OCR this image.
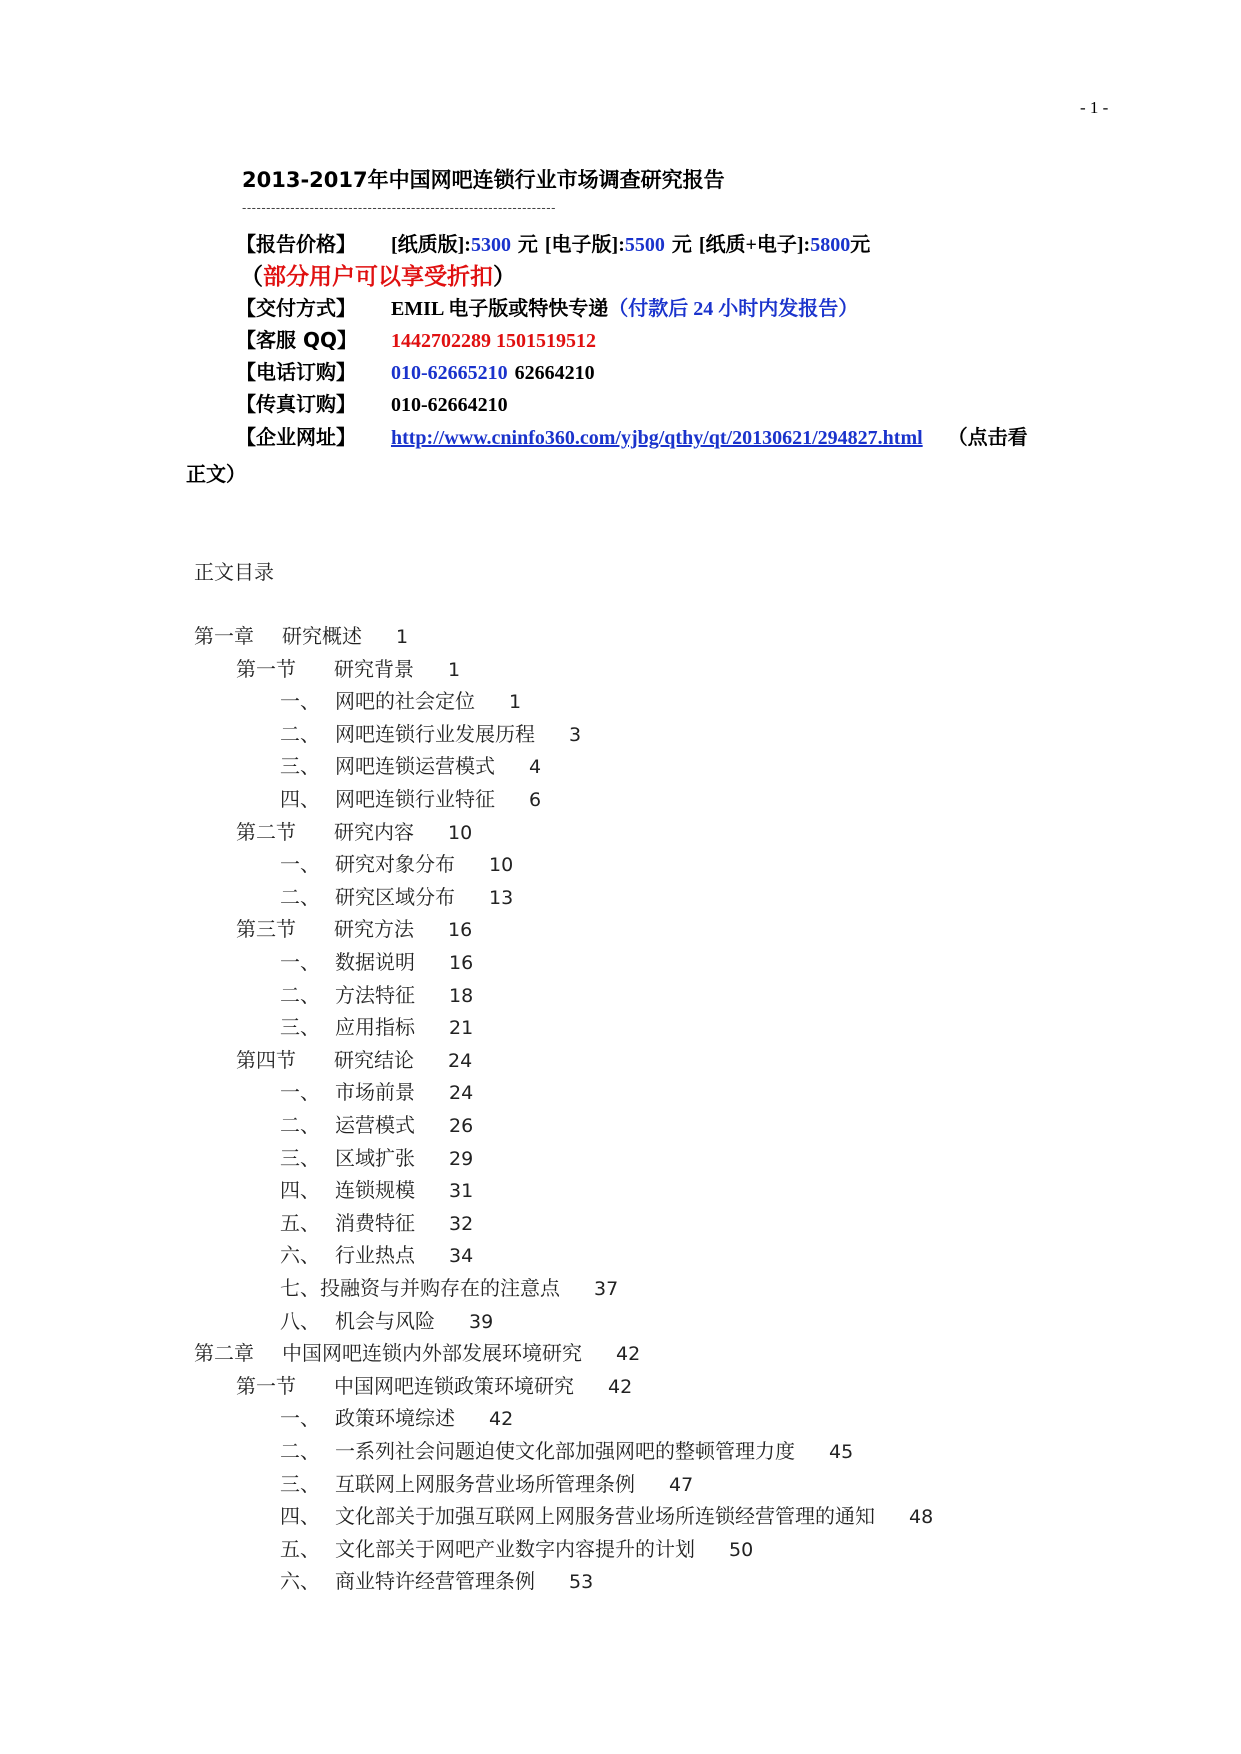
- 1 -
2013-2017年中国网吧连锁行业市场调查研究报告
-----------------------------------------------------------------
【报告价格】 [纸质版]:5300 元 [电子版]:5500 元 [纸质+电子]:5800元
（部分用户可以享受折扣）
【交付方式】 EMIL 电子版或特快专递（付款后 24 小时内发报告）
【客服 QQ】 1442702289 1501519512
【电话订购】 010-62665210 62664210
【传真订购】 010-62664210
【企业网址】 http://www.cninfo360.com/yjbg/qthy/qt/20130621/294827.html （点击看
正文）
正文目录
第一章 研究概述 1
第一节 研究背景 1
一、 网吧的社会定位 1
二、 网吧连锁行业发展历程 3
三、 网吧连锁运营模式 4
四、 网吧连锁行业特征 6
第二节 研究内容 10
一、 研究对象分布 10
二、 研究区域分布 13
第三节 研究方法 16
一、 数据说明 16
二、 方法特征 18
三、 应用指标 21
第四节 研究结论 24
一、 市场前景 24
二、 运营模式 26
三、 区域扩张 29
四、 连锁规模 31
五、 消费特征 32
六、 行业热点 34
七、投融资与并购存在的注意点 37
八、 机会与风险 39
第二章 中国网吧连锁内外部发展环境研究 42
第一节 中国网吧连锁政策环境研究 42
一、 政策环境综述 42
二、 一系列社会问题迫使文化部加强网吧的整顿管理力度 45
三、 互联网上网服务营业场所管理条例 47
四、 文化部关于加强互联网上网服务营业场所连锁经营管理的通知 48
五、 文化部关于网吧产业数字内容提升的计划 50
六、 商业特许经营管理条例 53
